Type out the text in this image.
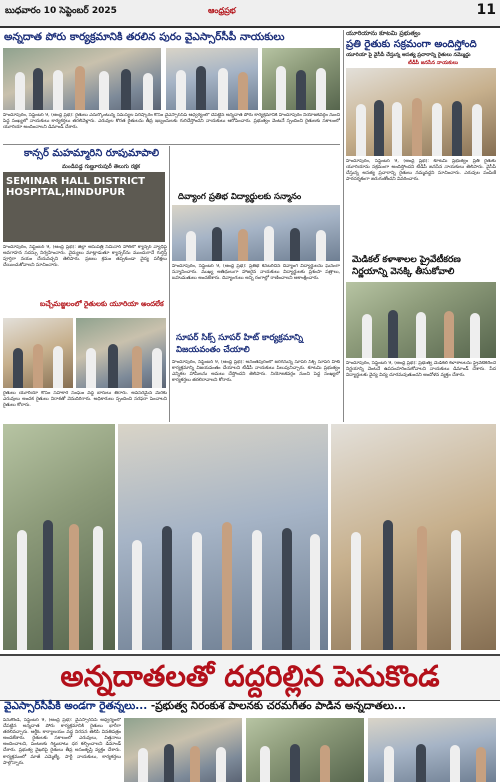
బుధవారం 10 సెప్టెంబర్ 2025	ఆంధ్రప్రభ	11
అన్నదాత పోరు కార్యక్రమానికి తరలిన పురం వైఎస్సార్‌సీపీ నాయకులు
హిందూపురం, సెప్టెంబర్ 9, (ఆంధ్ర ప్రభ): రైతులు ఎదుర్కొంటున్న సమస్యల పరిష్కారం కోసం వైఎస్సార్‌సీపీ ఆధ్వర్యంలో చేపట్టిన అన్నదాత పోరు కార్యక్రమానికి హిందూపురం నియోజకవర్గం నుంచి పెద్ద సంఖ్యలో నాయకులు కార్యకర్తలు తరలివెళ్లారు. ఎరువుల కొరత రైతులను తీవ్ర ఇబ్బందులకు గురిచేస్తోందని నాయకులు ఆరోపించారు. ప్రభుత్వం వెంటనే స్పందించి రైతులకు సకాలంలో యూరియా అందించాలని డిమాండ్ చేశారు.
యూరియాను కూటమి ప్రభుత్వం
ప్రతి రైతుకు సక్రమంగా అందిస్తోంది
యూరియా పై వైసీపీ చేస్తున్న అసత్య ప్రచారాన్ని రైతులు నమ్మొద్దు
టీడీపీ జనసేన నాయకులు
హిందూపురం, సెప్టెంబర్ 9, (ఆంధ్ర ప్రభ): కూటమి ప్రభుత్వం ప్రతి రైతుకు యూరియాను సక్రమంగా అందిస్తోందని టీడీపీ జనసేన నాయకులు తెలిపారు. వైసీపీ చేస్తున్న అసత్య ప్రచారాన్ని రైతులు నమ్మవద్దని సూచించారు. ఎరువుల పంపిణీ పారదర్శకంగా జరుగుతోందని వివరించారు.
కాన్సర్ మహమ్మారిని రూపుమాపాలి
మండిపడ్డ గుణ్ణూరుపురీ తెలుగు రక్షక
SEMINAR HALL DISTRICT HOSPITAL,HINDUPUR
హిందూపురం, సెప్టెంబర్ 9, (ఆంధ్ర ప్రభ): జిల్లా ఆసుపత్రి సెమినార్ హాల్‌లో క్యాన్సర్ వ్యాధిపై అవగాహన సదస్సు నిర్వహించారు. వైద్యులు మాట్లాడుతూ క్యాన్సర్‌ను ముందుగానే గుర్తిస్తే పూర్తిగా నయం చేయవచ్చని తెలిపారు. ప్రజలు క్రమం తప్పకుండా వైద్య పరీక్షలు చేయించుకోవాలని సూచించారు.
దివ్యాంగ ప్రతిభ విద్యార్థులకు సన్మానం
హిందూపురం, సెప్టెంబర్ 9, (ఆంధ్ర ప్రభ): ప్రతిభ కనబరిచిన దివ్యాంగ విద్యార్థులను ఘనంగా సన్మానించారు. ముఖ్య అతిథులుగా హాజరైన నాయకులు విద్యార్థులకు ప్రశంసా పత్రాలు, బహుమతులు అందజేశారు. దివ్యాంగులు అన్ని రంగాల్లో రాణించాలని ఆకాంక్షించారు.
మెడికల్ కళాశాలల ప్రైవేటీకరణ నిర్ణయాన్ని వెనక్కి తీసుకోవాలి
హిందూపురం, సెప్టెంబర్ 9, (ఆంధ్ర ప్రభ): ప్రభుత్వ మెడికల్ కళాశాలలను ప్రైవేటీకరించే నిర్ణయాన్ని వెంటనే ఉపసంహరించుకోవాలని నాయకులు డిమాండ్ చేశారు. పేద విద్యార్థులకు వైద్య విద్య దూరమవుతుందని ఆందోళన వ్యక్తం చేశారు.
బచ్చేమజ్జలంలో రైతులకు యూరియా అందలేక
రైతులు యూరియా కోసం సహకార సంఘం వద్ద బారులు తీరారు. అవసరమైన మేరకు ఎరువులు అందక రైతులు నిరాశతో వెనుదిరిగారు. అధికారులు స్పందించి సరఫరా పెంచాలని రైతులు కోరారు.
సూపర్ సిక్స్ సూపర్ హిట్ కార్యక్రమాన్ని విజయవంతం చేయాలి
హిందూపురం, సెప్టెంబర్ 9, (ఆంధ్ర ప్రభ): అనంతపురంలో జరగనున్న సూపర్ సిక్స్ సూపర్ హిట్ కార్యక్రమాన్ని విజయవంతం చేయాలని టీడీపీ నాయకులు పిలుపునిచ్చారు. కూటమి ప్రభుత్వం ఎన్నికల హామీలను అమలు చేస్తోందని తెలిపారు. నియోజకవర్గం నుంచి పెద్ద సంఖ్యలో కార్యకర్తలు తరలిరావాలని కోరారు.
అన్నదాతలతో దద్దరిల్లిన పెనుకొండ
వైఎస్సార్‌సీపీకి అండగా రైతన్నలు... -ప్రభుత్వ నిరంకుశ పాలనకు చరమగీతం పాడిన అన్నదాతలు...
పెనుకొండ, సెప్టెంబర్ 9, (ఆంధ్ర ప్రభ): వైఎస్సార్‌సీపీ ఆధ్వర్యంలో చేపట్టిన అన్నదాత పోరు కార్యక్రమానికి రైతులు భారీగా తరలివచ్చారు. ఆర్డీఓ కార్యాలయం వద్ద నిరసన తెలిపి వినతిపత్రం అందజేశారు. రైతులకు సకాలంలో ఎరువులు, విత్తనాలు అందించాలని, పంటలకు గిట్టుబాటు ధర కల్పించాలని డిమాండ్ చేశారు. ప్రభుత్వ వైఖరిపై రైతులు తీవ్ర అసంతృప్తి వ్యక్తం చేశారు. కార్యక్రమంలో మాజీ ఎమ్మెల్యే, పార్టీ నాయకులు, కార్యకర్తలు పాల్గొన్నారు.
